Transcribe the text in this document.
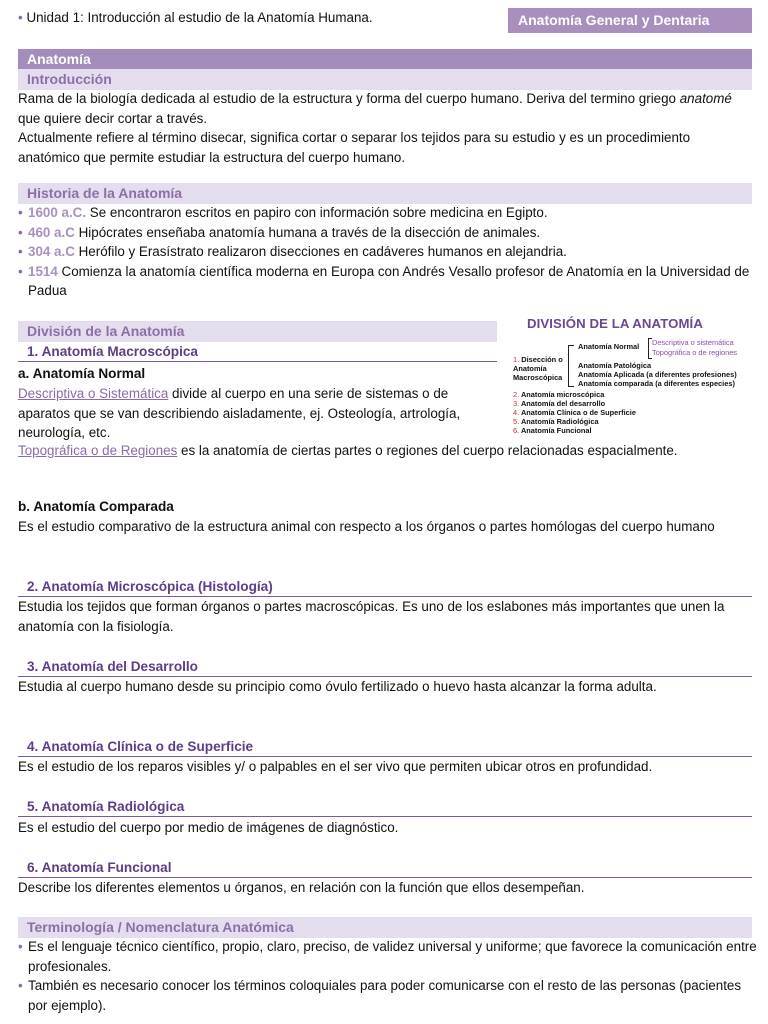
• Unidad 1: Introducción al estudio de la Anatomía Humana.	Anatomía General y Dentaria
Anatomía
Introducción

Rama de la biología dedicada al estudio de la estructura y forma del cuerpo humano. Deriva del termino griego anatomé que quiere decir cortar a través.

Actualmente refiere al término disecar, significa cortar o separar los tejidos para su estudio y es un procedimiento anatómico que permite estudiar la estructura del cuerpo humano.

Historia de la Anatomía

• 1600 a.C. Se encontraron escritos en papiro con información sobre medicina en Egipto.

• 460 a.C Hipócrates enseñaba anatomía humana a través de la disección de animales.

• 304 a.C Herófilo y Erasístrato realizaron disecciones en cadáveres humanos en alejandria.

• 1514 Comienza la anatomía científica moderna en Europa con Andrés Vesallo profesor de Anatomía en la Universidad de Padua

División de la Anatomía
1. Anatomía Macroscópica
a. Anatomía Normal

Descriptiva o Sistemática divide al cuerpo en una serie de sistemas o de aparatos que se van describiendo aisladamente, ej. Osteología, artrología, neurología, etc.

Topográfica o de Regiones es la anatomía de ciertas partes o regiones del cuerpo relacionadas espacialmente.

b. Anatomía Comparada

Es el estudio comparativo de la estructura animal con respecto a los órganos o partes homólogas del cuerpo humano

2. Anatomía Microscópica (Histología)

Estudia los tejidos que forman órganos o partes macroscópicas. Es uno de los eslabones más importantes que unen la anatomía con la fisiología.

3. Anatomía del Desarrollo

Estudia al cuerpo humano desde su principio como óvulo fertilizado o huevo hasta alcanzar la forma adulta.

4. Anatomía Clínica o de Superficie

Es el estudio de los reparos visibles y/ o palpables en el ser vivo que permiten ubicar otros en profundidad.

5. Anatomía Radiológica

Es el estudio del cuerpo por medio de imágenes de diagnóstico.

6. Anatomía Funcional

Describe los diferentes elementos u órganos, en relación con la función que ellos desempeñan.

Terminología / Nomenclatura Anatómica

• Es el lenguaje técnico científico, propio, claro, preciso, de validez universal y uniforme; que favorece la comunicación entre profesionales.

• También es necesario conocer los términos coloquiales para poder comunicarse con el resto de las personas (pacientes por ejemplo).

DIVISIÓN DE LA ANATOMÍA
1. Disección o
Anatomía
Macroscópica
Anatomía Normal Descriptiva o sistemática
Topográfica o de regiones
Anatomía Patológica
Anatomía Aplicada (a diferentes profesiones)
Anatomía comparada (a diferentes especies)
2. Anatomía microscópica
3. Anatomía del desarrollo
4. Anatomía Clínica o de Superficie
5. Anatomía Radiológica
6. Anatomía Funcional
